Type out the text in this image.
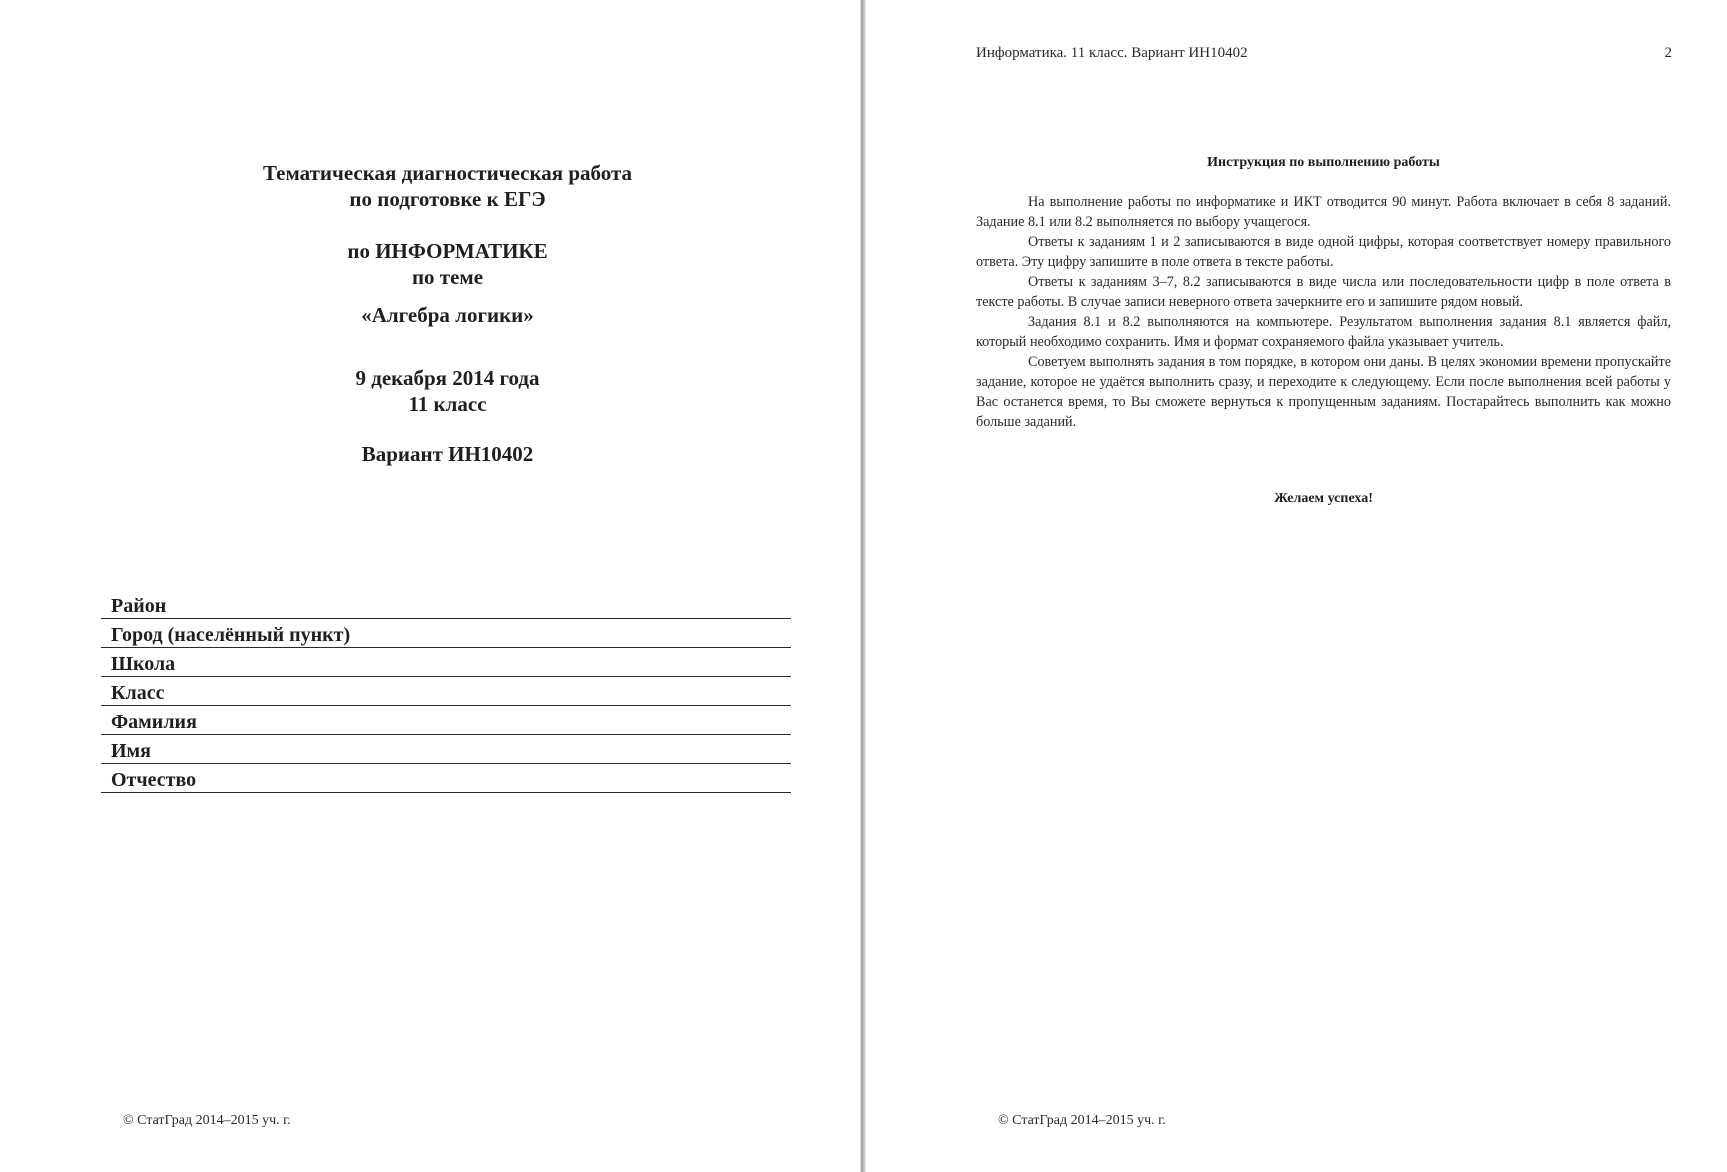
Тематическая диагностическая работа
по подготовке к ЕГЭ
по ИНФОРМАТИКЕ
по теме
«Алгебра логики»
9 декабря 2014 года
11 класс
Вариант ИН10402
Район
Город (населённый пункт)
Школа
Класс
Фамилия
Имя
Отчество
© СтатГрад 2014–2015 уч. г.
Информатика. 11 класс. Вариант ИН10402	2
Инструкция по выполнению работы

На выполнение работы по информатике и ИКТ отводится 90 минут. Работа включает в себя 8 заданий. Задание 8.1 или 8.2 выполняется по выбору учащегося.

Ответы к заданиям 1 и 2 записываются в виде одной цифры, которая соответствует номеру правильного ответа. Эту цифру запишите в поле ответа в тексте работы.

Ответы к заданиям 3–7, 8.2 записываются в виде числа или последовательности цифр в поле ответа в тексте работы. В случае записи неверного ответа зачеркните его и запишите рядом новый.

Задания 8.1 и 8.2 выполняются на компьютере. Результатом выполнения задания 8.1 является файл, который необходимо сохранить. Имя и формат сохраняемого файла указывает учитель.

Советуем выполнять задания в том порядке, в котором они даны. В целях экономии времени пропускайте задание, которое не удаётся выполнить сразу, и переходите к следующему. Если после выполнения всей работы у Вас останется время, то Вы сможете вернуться к пропущенным заданиям. Постарайтесь выполнить как можно больше заданий.

Желаем успеха!
© СтатГрад 2014–2015 уч. г.
